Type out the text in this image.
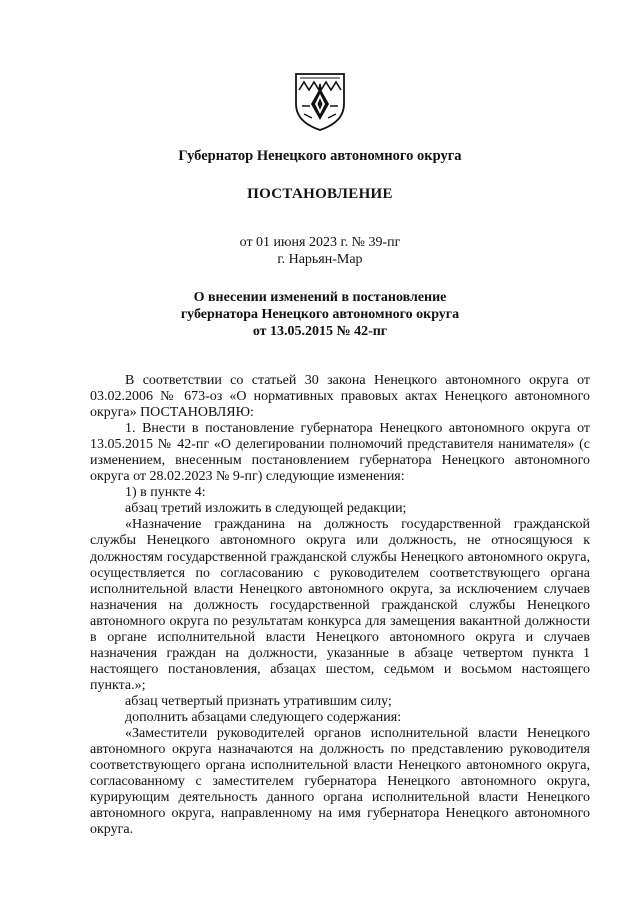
Губернатор Ненецкого автономного округа
ПОСТАНОВЛЕНИЕ
от 01 июня 2023 г. № 39-пг
г. Нарьян-Мар
О внесении изменений в постановление
губернатора Ненецкого автономного округа
от 13.05.2015 № 42-пг

В соответствии со статьей 30 закона Ненецкого автономного округа от 03.02.2006 № 673-оз «О нормативных правовых актах Ненецкого автономного округа» ПОСТАНОВЛЯЮ:

1. Внести в постановление губернатора Ненецкого автономного округа от 13.05.2015 № 42-пг «О делегировании полномочий представителя нанимателя» (с изменением, внесенным постановлением губернатора Ненецкого автономного округа от 28.02.2023 № 9-пг) следующие изменения:

1) в пункте 4:

абзац третий изложить в следующей редакции;

«Назначение гражданина на должность государственной гражданской службы Ненецкого автономного округа или должность, не относящуюся к должностям государственной гражданской службы Ненецкого автономного округа, осуществляется по согласованию с руководителем соответствующего органа исполнительной власти Ненецкого автономного округа, за исключением случаев назначения на должность государственной гражданской службы Ненецкого автономного округа по результатам конкурса для замещения вакантной должности в органе исполнительной власти Ненецкого автономного округа и случаев назначения граждан на должности, указанные в абзаце четвертом пункта 1 настоящего постановления, абзацах шестом, седьмом и восьмом настоящего пункта.»;

абзац четвертый признать утратившим силу;

дополнить абзацами следующего содержания:

«Заместители руководителей органов исполнительной власти Ненецкого автономного округа назначаются на должность по представлению руководителя соответствующего органа исполнительной власти Ненецкого автономного округа, согласованному с заместителем губернатора Ненецкого автономного округа, курирующим деятельность данного органа исполнительной власти Ненецкого автономного округа, направленному на имя губернатора Ненецкого автономного округа.
